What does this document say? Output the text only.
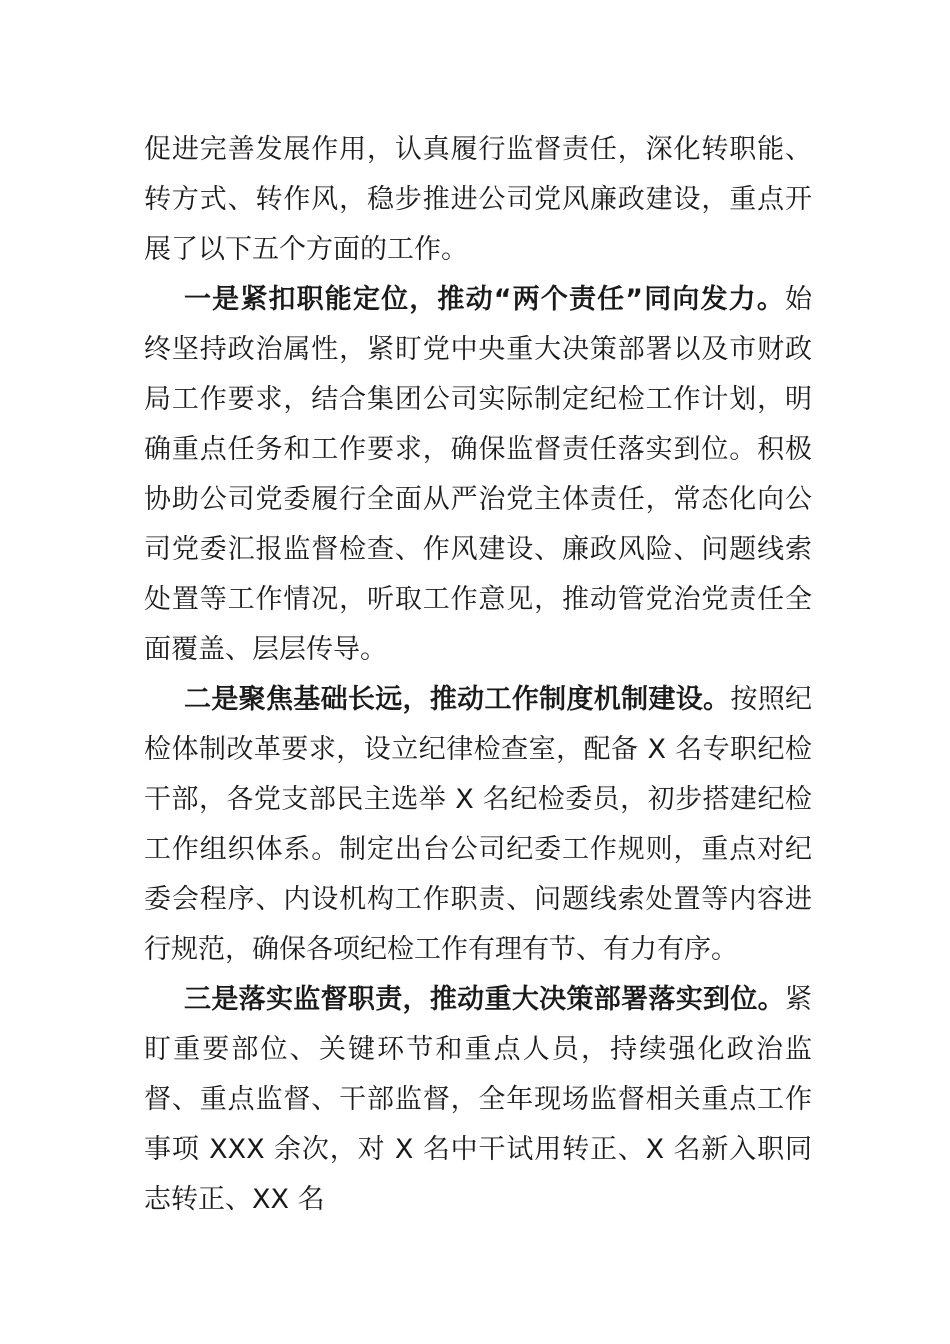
促进完善发展作用，认真履行监督责任，深化转职能、转方式、转作风，稳步推进公司党风廉政建设，重点开展了以下五个方面的工作。

一是紧扣职能定位，推动“两个责任”同向发力。始终坚持政治属性，紧盯党中央重大决策部署以及市财政局工作要求，结合集团公司实际制定纪检工作计划，明确重点任务和工作要求，确保监督责任落实到位。积极协助公司党委履行全面从严治党主体责任，常态化向公司党委汇报监督检查、作风建设、廉政风险、问题线索处置等工作情况，听取工作意见，推动管党治党责任全面覆盖、层层传导。

二是聚焦基础长远，推动工作制度机制建设。按照纪检体制改革要求，设立纪律检查室，配备 X 名专职纪检干部，各党支部民主选举 X 名纪检委员，初步搭建纪检工作组织体系。制定出台公司纪委工作规则，重点对纪委会程序、内设机构工作职责、问题线索处置等内容进行规范，确保各项纪检工作有理有节、有力有序。

三是落实监督职责，推动重大决策部署落实到位。紧盯重要部位、关键环节和重点人员，持续强化政治监督、重点监督、干部监督，全年现场监督相关重点工作事项 XXX 余次，对 X 名中干试用转正、X 名新入职同志转正、XX 名
